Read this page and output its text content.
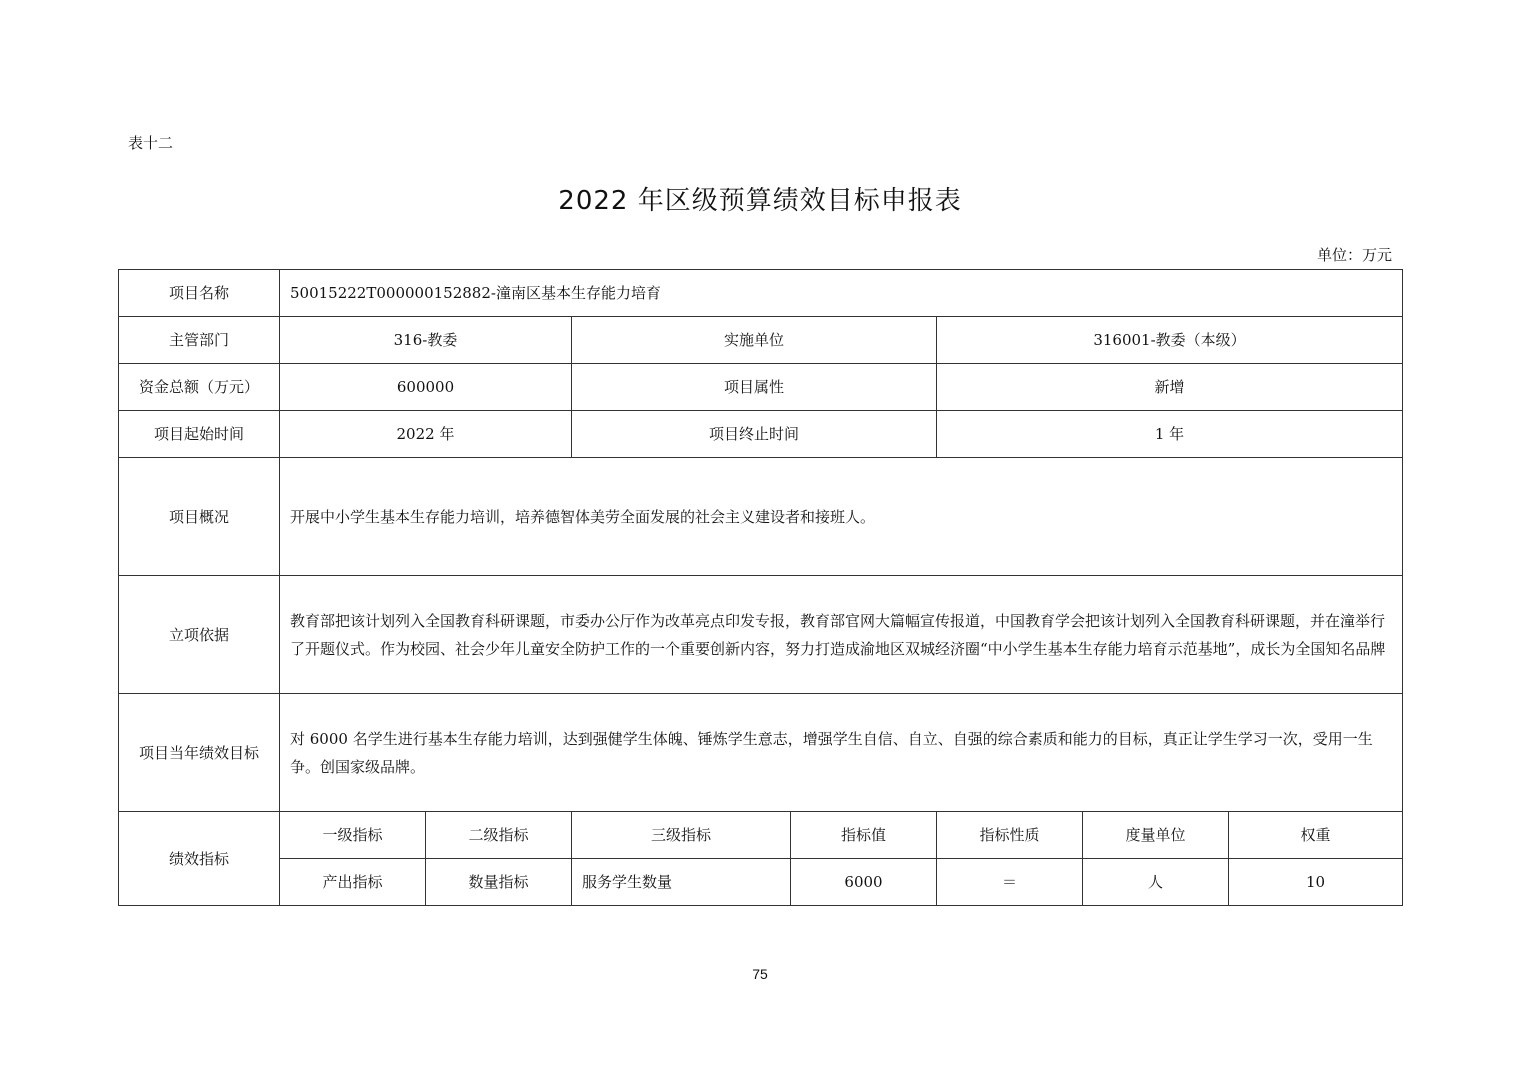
表十二
2022 年区级预算绩效目标申报表
单位：万元
项目名称	50015222T000000152882-潼南区基本生存能力培育						
主管部门	316-教委		实施单位		316001-教委（本级）		
资金总额（万元）	600000		项目属性		新增		
项目起始时间	2022 年		项目终止时间		1 年		
项目概况	开展中小学生基本生存能力培训，培养德智体美劳全面发展的社会主义建设者和接班人。						
立项依据	教育部把该计划列入全国教育科研课题，市委办公厅作为改革亮点印发专报，教育部官网大篇幅宣传报道，中国教育学会把该计划列入全国教育科研课题，并在潼举行了开题仪式。作为校园、社会少年儿童安全防护工作的一个重要创新内容，努力打造成渝地区双城经济圈“中小学生基本生存能力培育示范基地”，成长为全国知名品牌						
项目当年绩效目标	对 6000 名学生进行基本生存能力培训，达到强健学生体魄、锤炼学生意志，增强学生自信、自立、自强的综合素质和能力的目标，真正让学生学习一次，受用一生争。创国家级品牌。						
绩效指标	一级指标	二级指标	三级指标	指标值	指标性质	度量单位	权重
	产出指标	数量指标	服务学生数量	6000	＝	人	10
75
